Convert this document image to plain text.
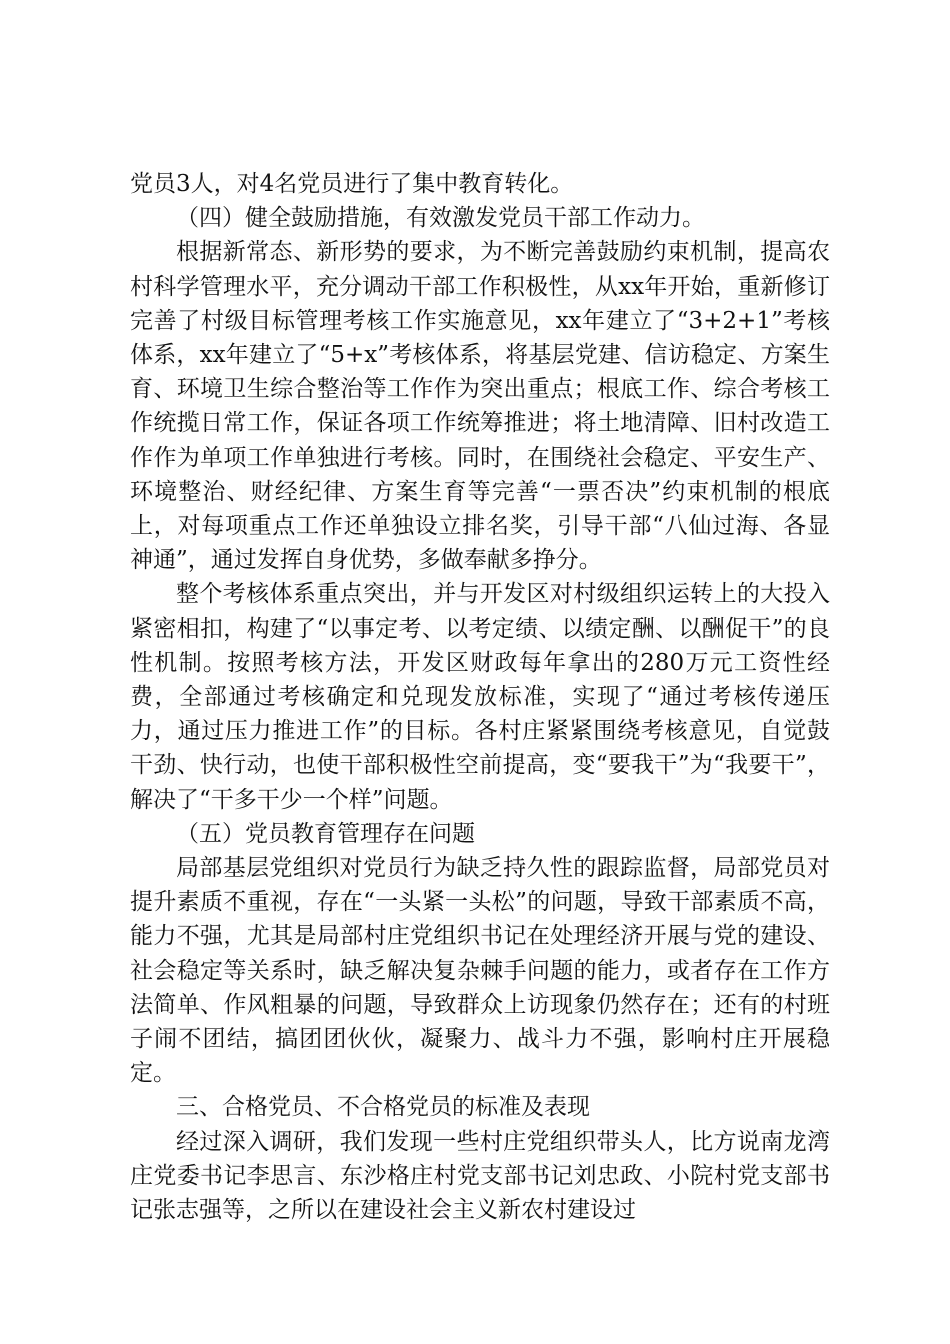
党员3人，对4名党员进行了集中教育转化。

（四）健全鼓励措施，有效激发党员干部工作动力。

根据新常态、新形势的要求，为不断完善鼓励约束机制，提高农村科学管理水平，充分调动干部工作积极性，从xx年开始，重新修订完善了村级目标管理考核工作实施意见，xx年建立了“3+2+1”考核体系，xx年建立了“5+x”考核体系，将基层党建、信访稳定、方案生育、环境卫生综合整治等工作作为突出重点；根底工作、综合考核工作统揽日常工作，保证各项工作统筹推进；将土地清障、旧村改造工作作为单项工作单独进行考核。同时，在围绕社会稳定、平安生产、环境整治、财经纪律、方案生育等完善“一票否决”约束机制的根底上，对每项重点工作还单独设立排名奖，引导干部“八仙过海、各显神通”，通过发挥自身优势，多做奉献多挣分。

整个考核体系重点突出，并与开发区对村级组织运转上的大投入紧密相扣，构建了“以事定考、以考定绩、以绩定酬、以酬促干”的良性机制。按照考核方法，开发区财政每年拿出的280万元工资性经费，全部通过考核确定和兑现发放标准，实现了“通过考核传递压力，通过压力推进工作”的目标。各村庄紧紧围绕考核意见，自觉鼓干劲、快行动，也使干部积极性空前提高，变“要我干”为“我要干”，解决了“干多干少一个样”问题。

（五）党员教育管理存在问题

局部基层党组织对党员行为缺乏持久性的跟踪监督，局部党员对提升素质不重视，存在“一头紧一头松”的问题，导致干部素质不高，能力不强，尤其是局部村庄党组织书记在处理经济开展与党的建设、社会稳定等关系时，缺乏解决复杂棘手问题的能力，或者存在工作方法简单、作风粗暴的问题，导致群众上访现象仍然存在；还有的村班子闹不团结，搞团团伙伙，凝聚力、战斗力不强，影响村庄开展稳定。

三、合格党员、不合格党员的标准及表现

经过深入调研，我们发现一些村庄党组织带头人，比方说南龙湾庄党委书记李思言、东沙格庄村党支部书记刘忠政、小院村党支部书记张志强等，之所以在建设社会主义新农村建设过
